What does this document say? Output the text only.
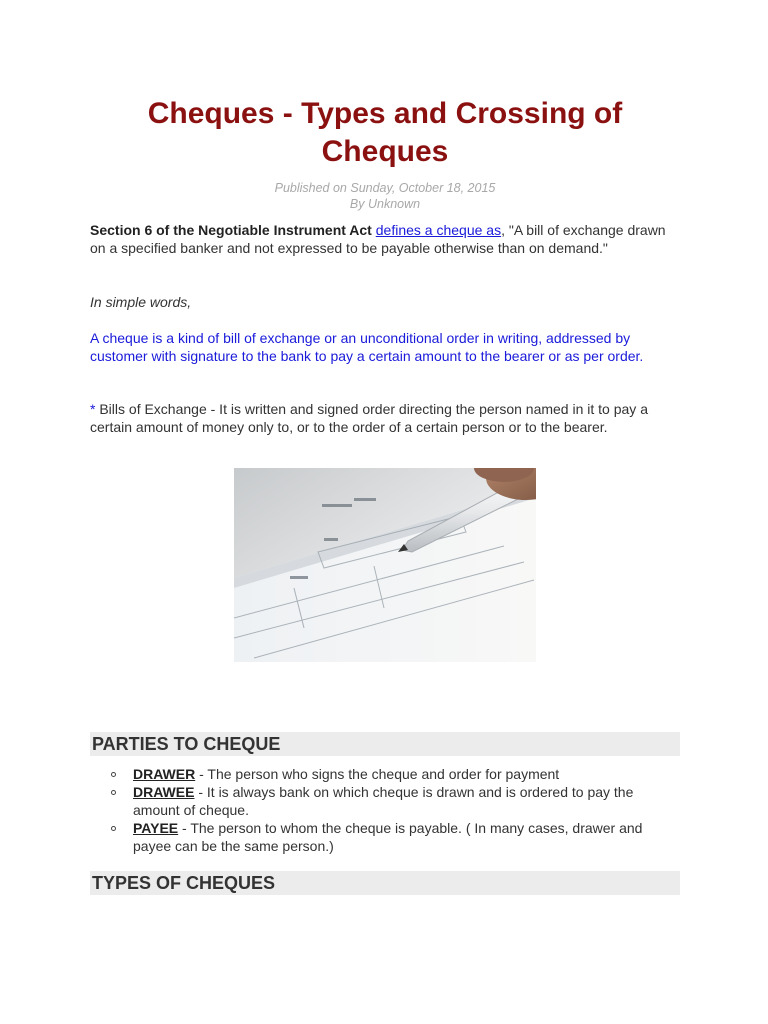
Cheques - Types and Crossing of Cheques
Published on Sunday, October 18, 2015
By Unknown

Section 6 of the Negotiable Instrument Act defines a cheque as, "A bill of exchange drawn on a specified banker and not expressed to be payable otherwise than on demand."

In simple words,

A cheque is a kind of bill of exchange or an unconditional order in writing, addressed by customer with signature to the bank to pay a certain amount to the bearer or as per order.

* Bills of Exchange - It is written and signed order directing the person named in it to pay a certain amount of money only to, or to the order of a certain person or to the bearer.

PARTIES TO CHEQUE
DRAWER - The person who signs the cheque and order for payment
DRAWEE - It is always bank on which cheque is drawn and is ordered to pay the amount of cheque.
PAYEE - The person to whom the cheque is payable. ( In many cases, drawer and payee can be the same person.)
TYPES OF CHEQUES
